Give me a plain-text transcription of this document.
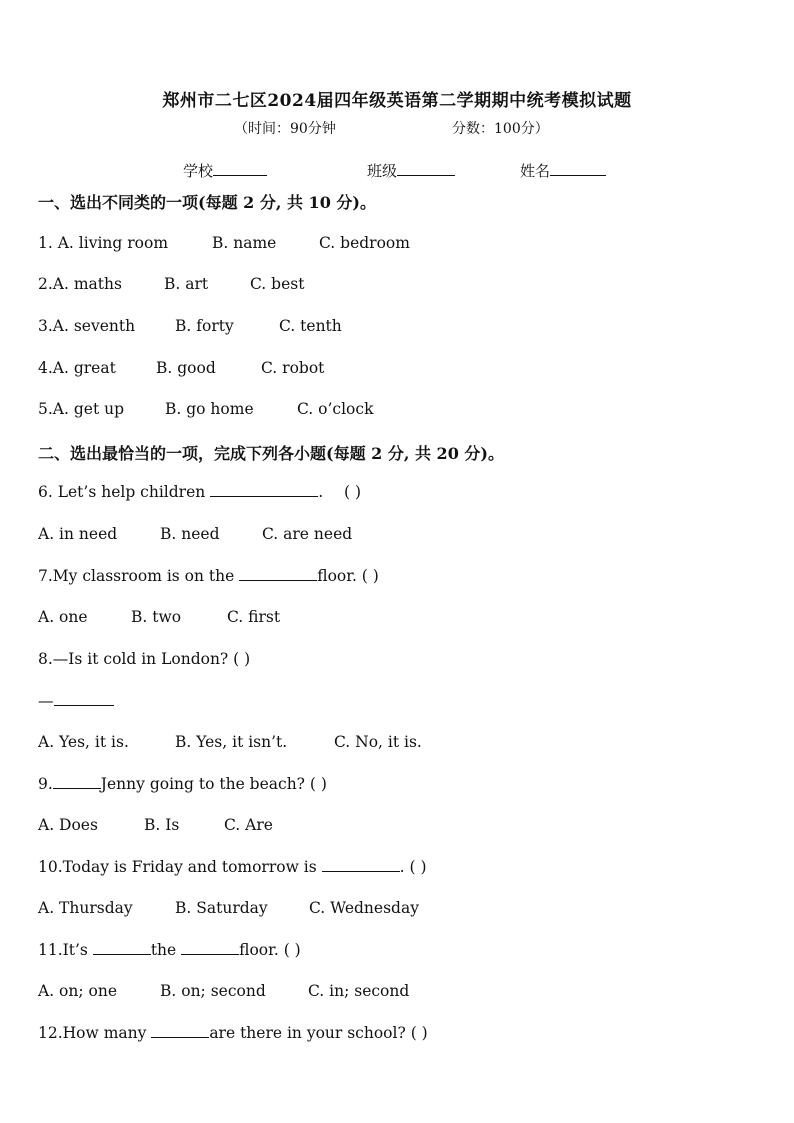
郑州市二七区2024届四年级英语第二学期期中统考模拟试题
（时间：90分钟	分数：100分）
学校	班级	姓名
一、选出不同类的一项(每题 2 分, 共 10 分)。
1. A. living room	B. name	C. bedroom
2.A. maths	B. art	C. best
3.A. seventh	B. forty	C. tenth
4.A. great	B. good	C. robot
5.A. get up	B. go home	C. o’clock
二、选出最恰当的一项，完成下列各小题(每题 2 分, 共 20 分)。
6. Let’s help children	. ( )
A. in need	B. need	C. are need
7.My classroom is on the	floor. ( )
A. one	B. two	C. first
8.—Is it cold in London? ( )
—
A. Yes, it is.	B. Yes, it isn’t.	C. No, it is.
9.	Jenny going to the beach? ( )
A. Does	B. Is	C. Are
10.Today is Friday and tomorrow is	. ( )
A. Thursday	B. Saturday	C. Wednesday
11.It’s	the	floor. ( )
A. on; one	B. on; second	C. in; second
12.How many	are there in your school? ( )
